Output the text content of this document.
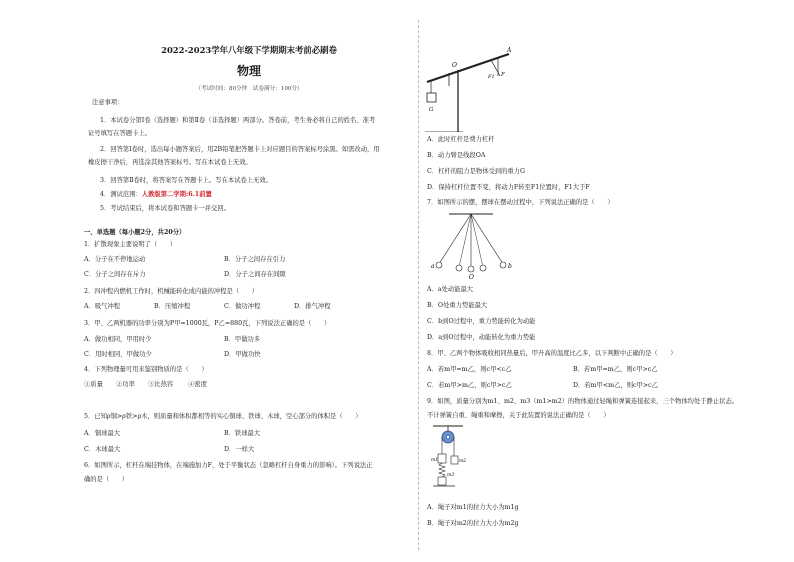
2022-2023学年八年级下学期期末考前必刷卷
物理
（考试时间：80分钟　试卷满分：100分）
注意事项：
1．本试卷分第Ⅰ卷（选择题）和第Ⅱ卷（非选择题）两部分。答卷前，考生务必将自己的姓名、准考
证号填写在答题卡上。
2．回答第Ⅰ卷时，选出每小题答案后，用2B铅笔把答题卡上对应题目的答案标号涂黑。如需改动，用
橡皮擦干净后，再选涂其他答案标号。写在本试卷上无效。
3．回答第Ⅱ卷时，将答案写在答题卡上。写在本试卷上无效。
4．测试范围：人教版第二学期:6.1前置
5．考试结束后，将本试卷和答题卡一并交回。
一、单选题（每小题2分，共20分）
1．扩散现象主要说明了（　　）
A．分子在不停地运动	B．分子之间存在引力
C．分子之间存在斥力	D．分子之间存在间隙
2．四冲程内燃机工作时，机械能转化成内能的冲程是（　　）
A．吸气冲程	B．压缩冲程	C．做功冲程	D．排气冲程
3．甲、乙两机器的功率分别为P甲=1000瓦，P乙=880瓦，下列说法正确的是（　　）
A．做功相同，甲用时少	B．甲做功多
C．用时相同，甲做功少	D．甲做功快
4．下列物理量可用来鉴别物质的是（　　）
①质量 ②功率 ③比热容 ④密度
5．已知ρ铜>ρ铁>ρ木，则质量和体积都相等的实心铜球、铁球、木球，空心部分的体积是（　　）
A．铜球最大	B．铁球最大
C．木球最大	D．一样大
6．如图所示，杠杆在端挂物体，在端施加力F，处于平衡状态（忽略杠杆自身重力的影响）。下列说法正
确的是（　　）
A
O
F
F1
G
A．此时杠杆是费力杠杆
B．动力臂是线段OA
C．杠杆的阻力是物体受到的重力G
D．保持杠杆位置不变，将动力F转至F1位置时，F1大于F
7．如图所示的摆，摆球在摆动过程中，下列说法正确的是（　　）
a
O
b
A．a处动能最大
B．O处重力势能最大
C．b到O过程中，重力势能转化为动能
D．a到O过程中，动能转化为重力势能
8．甲、乙两个物体吸收相同热量后，甲升高的温度比乙多，以下判断中正确的是（　　）
A．若m甲=m乙，则c甲<c乙	B．若m甲=m乙，则c甲>c乙
C．若m甲>m乙，则c甲>c乙	D．若m甲<m乙，则c甲>c乙
9．如图，质量分别为m1、m2、m3（m1>m2）的物体通过轻绳和弹簧连接起来，三个物体均处于静止状态。
不计弹簧自重、绳重和摩擦，关于此装置的说法正确的是（　　）
m1	m2
m3
A．绳子对m1的拉力大小为m1g
B．绳子对m2的拉力大小为m2g
